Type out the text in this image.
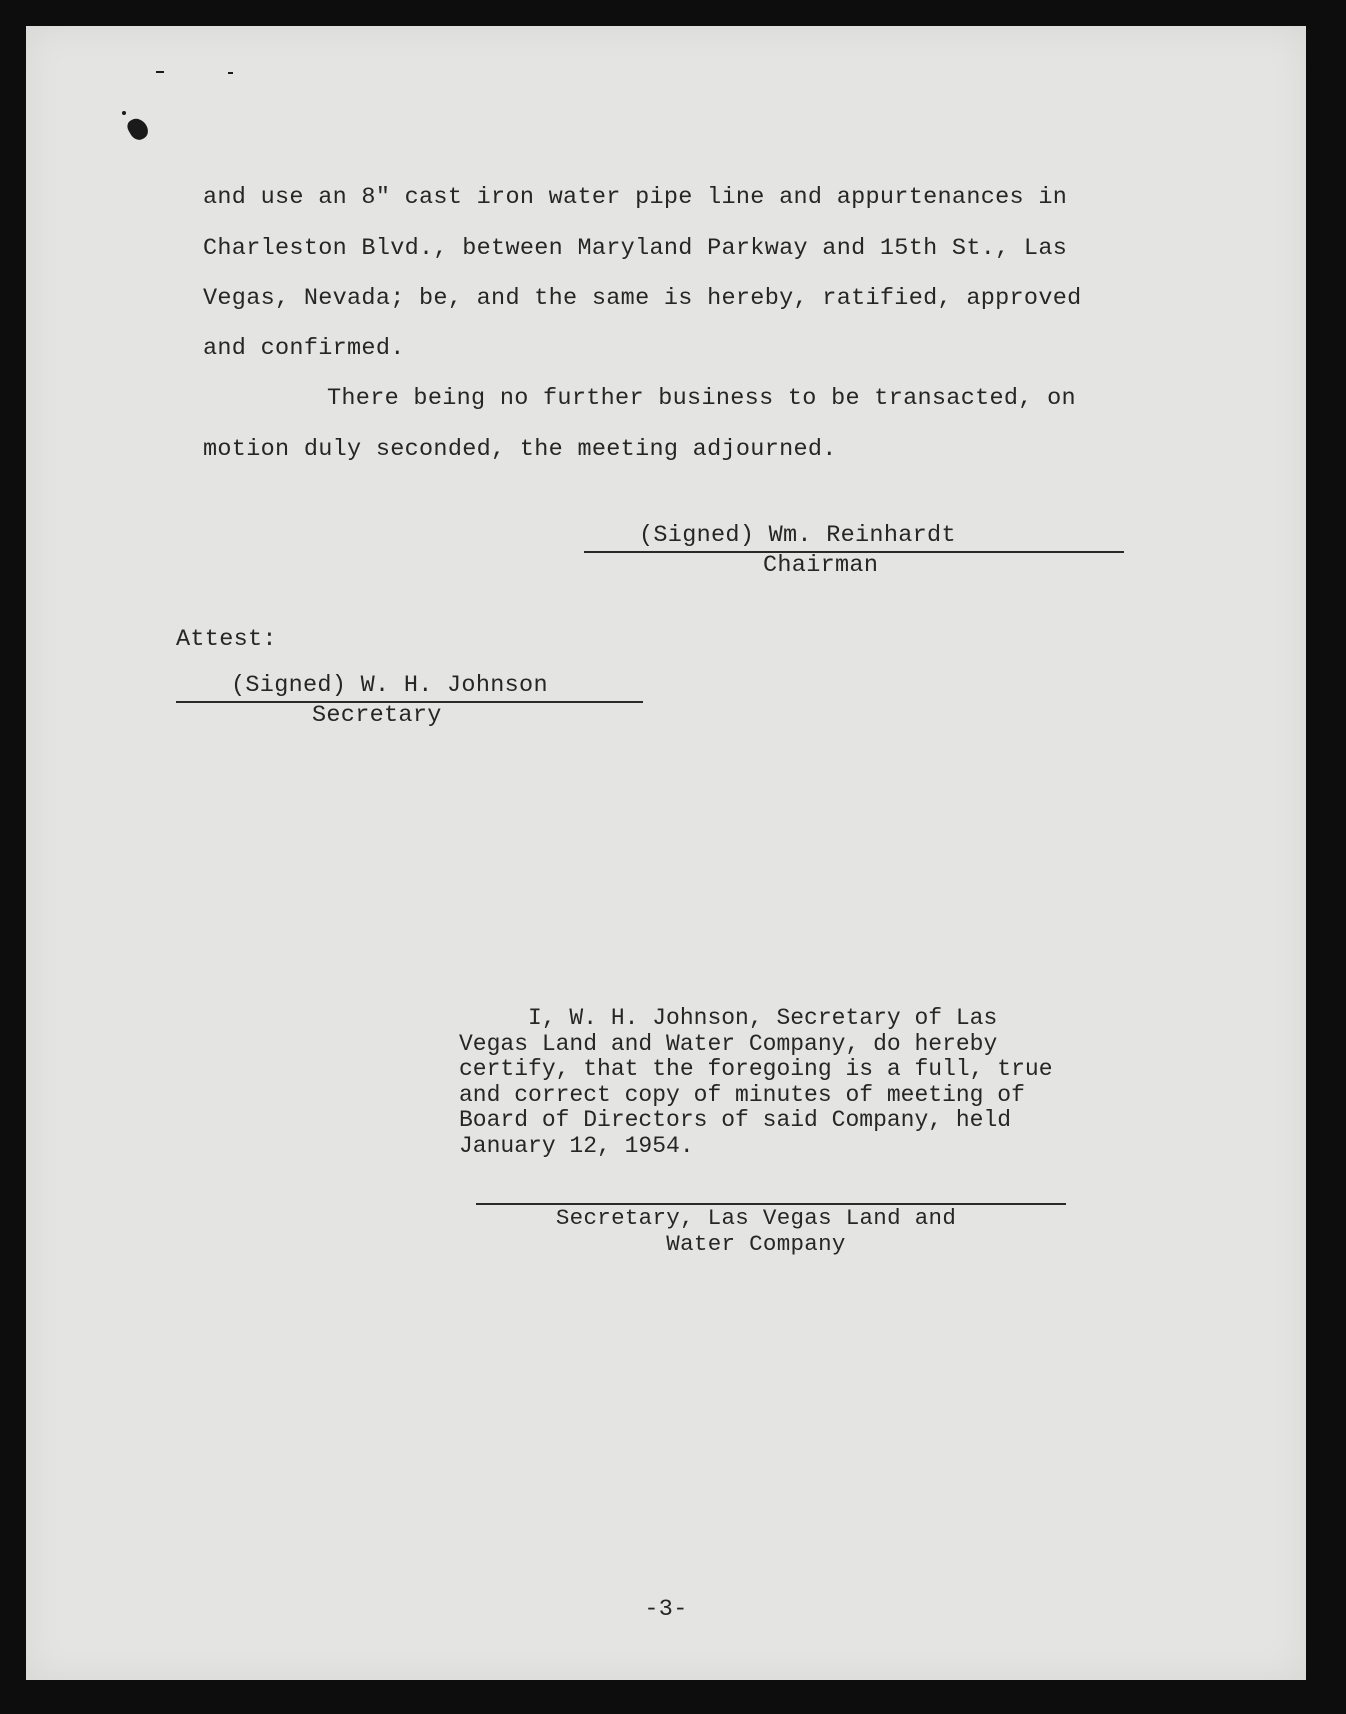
and use an 8" cast iron water pipe line and appurtenances in
Charleston Blvd., between Maryland Parkway and 15th St., Las
Vegas, Nevada; be, and the same is hereby, ratified, approved
and confirmed.
There being no further business to be transacted, on
motion duly seconded, the meeting adjourned.
(Signed) Wm. Reinhardt
Chairman
Attest:
(Signed) W. H. Johnson
Secretary
I, W. H. Johnson, Secretary of Las
Vegas Land and Water Company, do hereby
certify, that the foregoing is a full, true
and correct copy of minutes of meeting of
Board of Directors of said Company, held
January 12, 1954.
Secretary, Las Vegas Land and
Water Company
-3-
